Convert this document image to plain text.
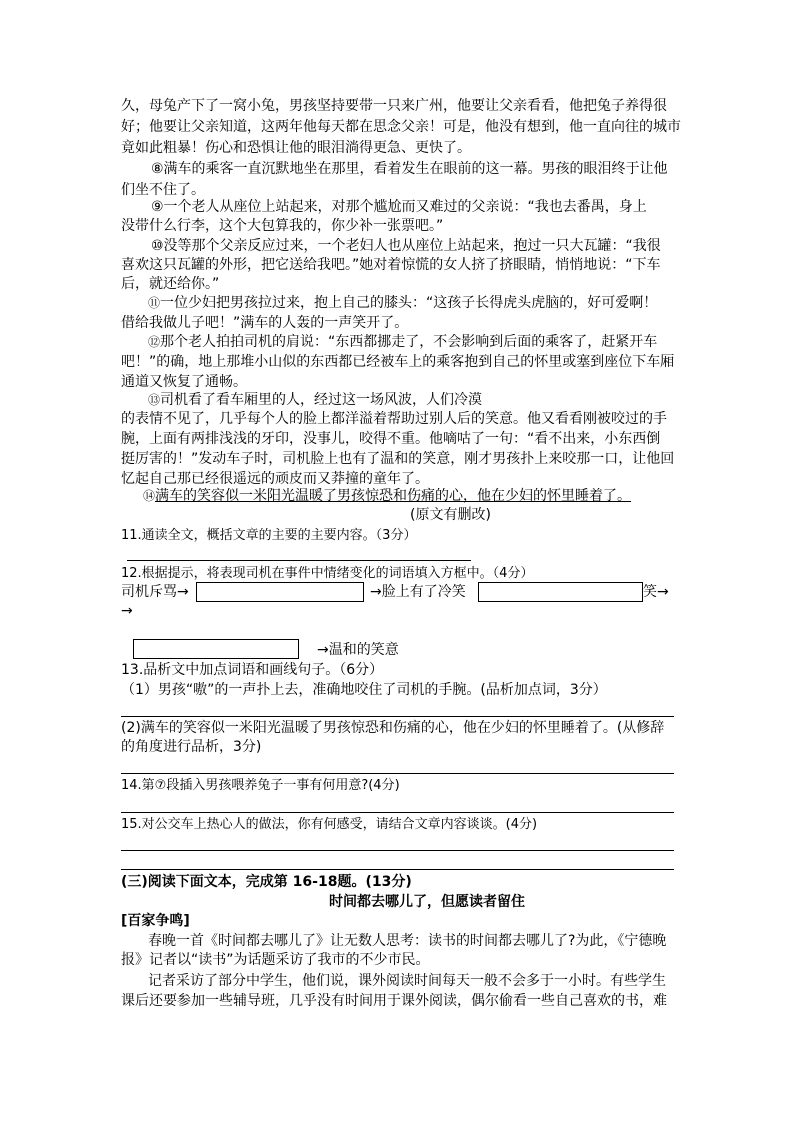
久，母兔产下了一窝小兔，男孩坚持要带一只来广州，他要让父亲看看，他把兔子养得很
好；他要让父亲知道，这两年他每天都在思念父亲！可是，他没有想到，他一直向往的城市
竟如此粗暴！伤心和恐惧让他的眼泪淌得更急、更快了。
⑧满车的乘客一直沉默地坐在那里，看着发生在眼前的这一幕。男孩的眼泪终于让他
们坐不住了。
⑨一个老人从座位上站起来，对那个尴尬而又难过的父亲说：“我也去番禺，身上
没带什么行李，这个大包算我的，你少补一张票吧。”
⑩没等那个父亲反应过来，一个老妇人也从座位上站起来，抱过一只大瓦罐：“我很
喜欢这只瓦罐的外形，把它送给我吧。”她对着惊慌的女人挤了挤眼睛，悄悄地说：“下车
后，就还给你。”
⑪一位少妇把男孩拉过来，抱上自己的膝头：“这孩子长得虎头虎脑的，好可爱啊！
借给我做儿子吧！”满车的人轰的一声笑开了。
⑫那个老人拍拍司机的肩说：“东西都挪走了，不会影响到后面的乘客了，赶紧开车
吧！”的确，地上那堆小山似的东西都已经被车上的乘客抱到自己的怀里或塞到座位下车厢
通道又恢复了通畅。
⑬司机看了看车厢里的人，经过这一场风波，人们冷漠
的表情不见了，几乎每个人的脸上都洋溢着帮助过别人后的笑意。他又看看刚被咬过的手
腕，上面有两排浅浅的牙印，没事儿，咬得不重。他嘀咕了一句：“看不出来，小东西倒
挺厉害的！”发动车子时，司机脸上也有了温和的笑意，刚才男孩扑上来咬那一口，让他回
忆起自己那已经很遥远的顽皮而又莽撞的童年了。
⑭满车的笑容似一米阳光温暖了男孩惊恐和伤痛的心，他在少妇的怀里睡着了。
(原文有删改)
11.通读全文，概括文章的主要的主要内容。（3分）
12.根据提示，将表现司机在事件中情绪变化的词语填入方框中。（4分）
司机斥骂→	→脸上有了冷笑	笑→
→
→温和的笑意
13.品析文中加点词语和画线句子。（6分）
（1）男孩“嗷”的一声扑上去，准确地咬住了司机的手腕。(品析加点词，3分）
(2)满车的笑容似一米阳光温暖了男孩惊恐和伤痛的心，他在少妇的怀里睡着了。(从修辞
的角度进行品析，3分)
14.第⑦段插入男孩喂养兔子一事有何用意?(4分)
15.对公交车上热心人的做法，你有何感受，请结合文章内容谈谈。(4分)
(三)阅读下面文本，完成第 16-18题。(13分)
时间都去哪儿了，但愿读者留住
[百家争鸣]
春晚一首《时间都去哪儿了》让无数人思考：读书的时间都去哪儿了?为此，《宁德晚
报》记者以“读书”为话题采访了我市的不少市民。
记者采访了部分中学生，他们说，课外阅读时间每天一般不会多于一小时。有些学生
课后还要参加一些辅导班，几乎没有时间用于课外阅读，偶尔偷看一些自己喜欢的书，难
